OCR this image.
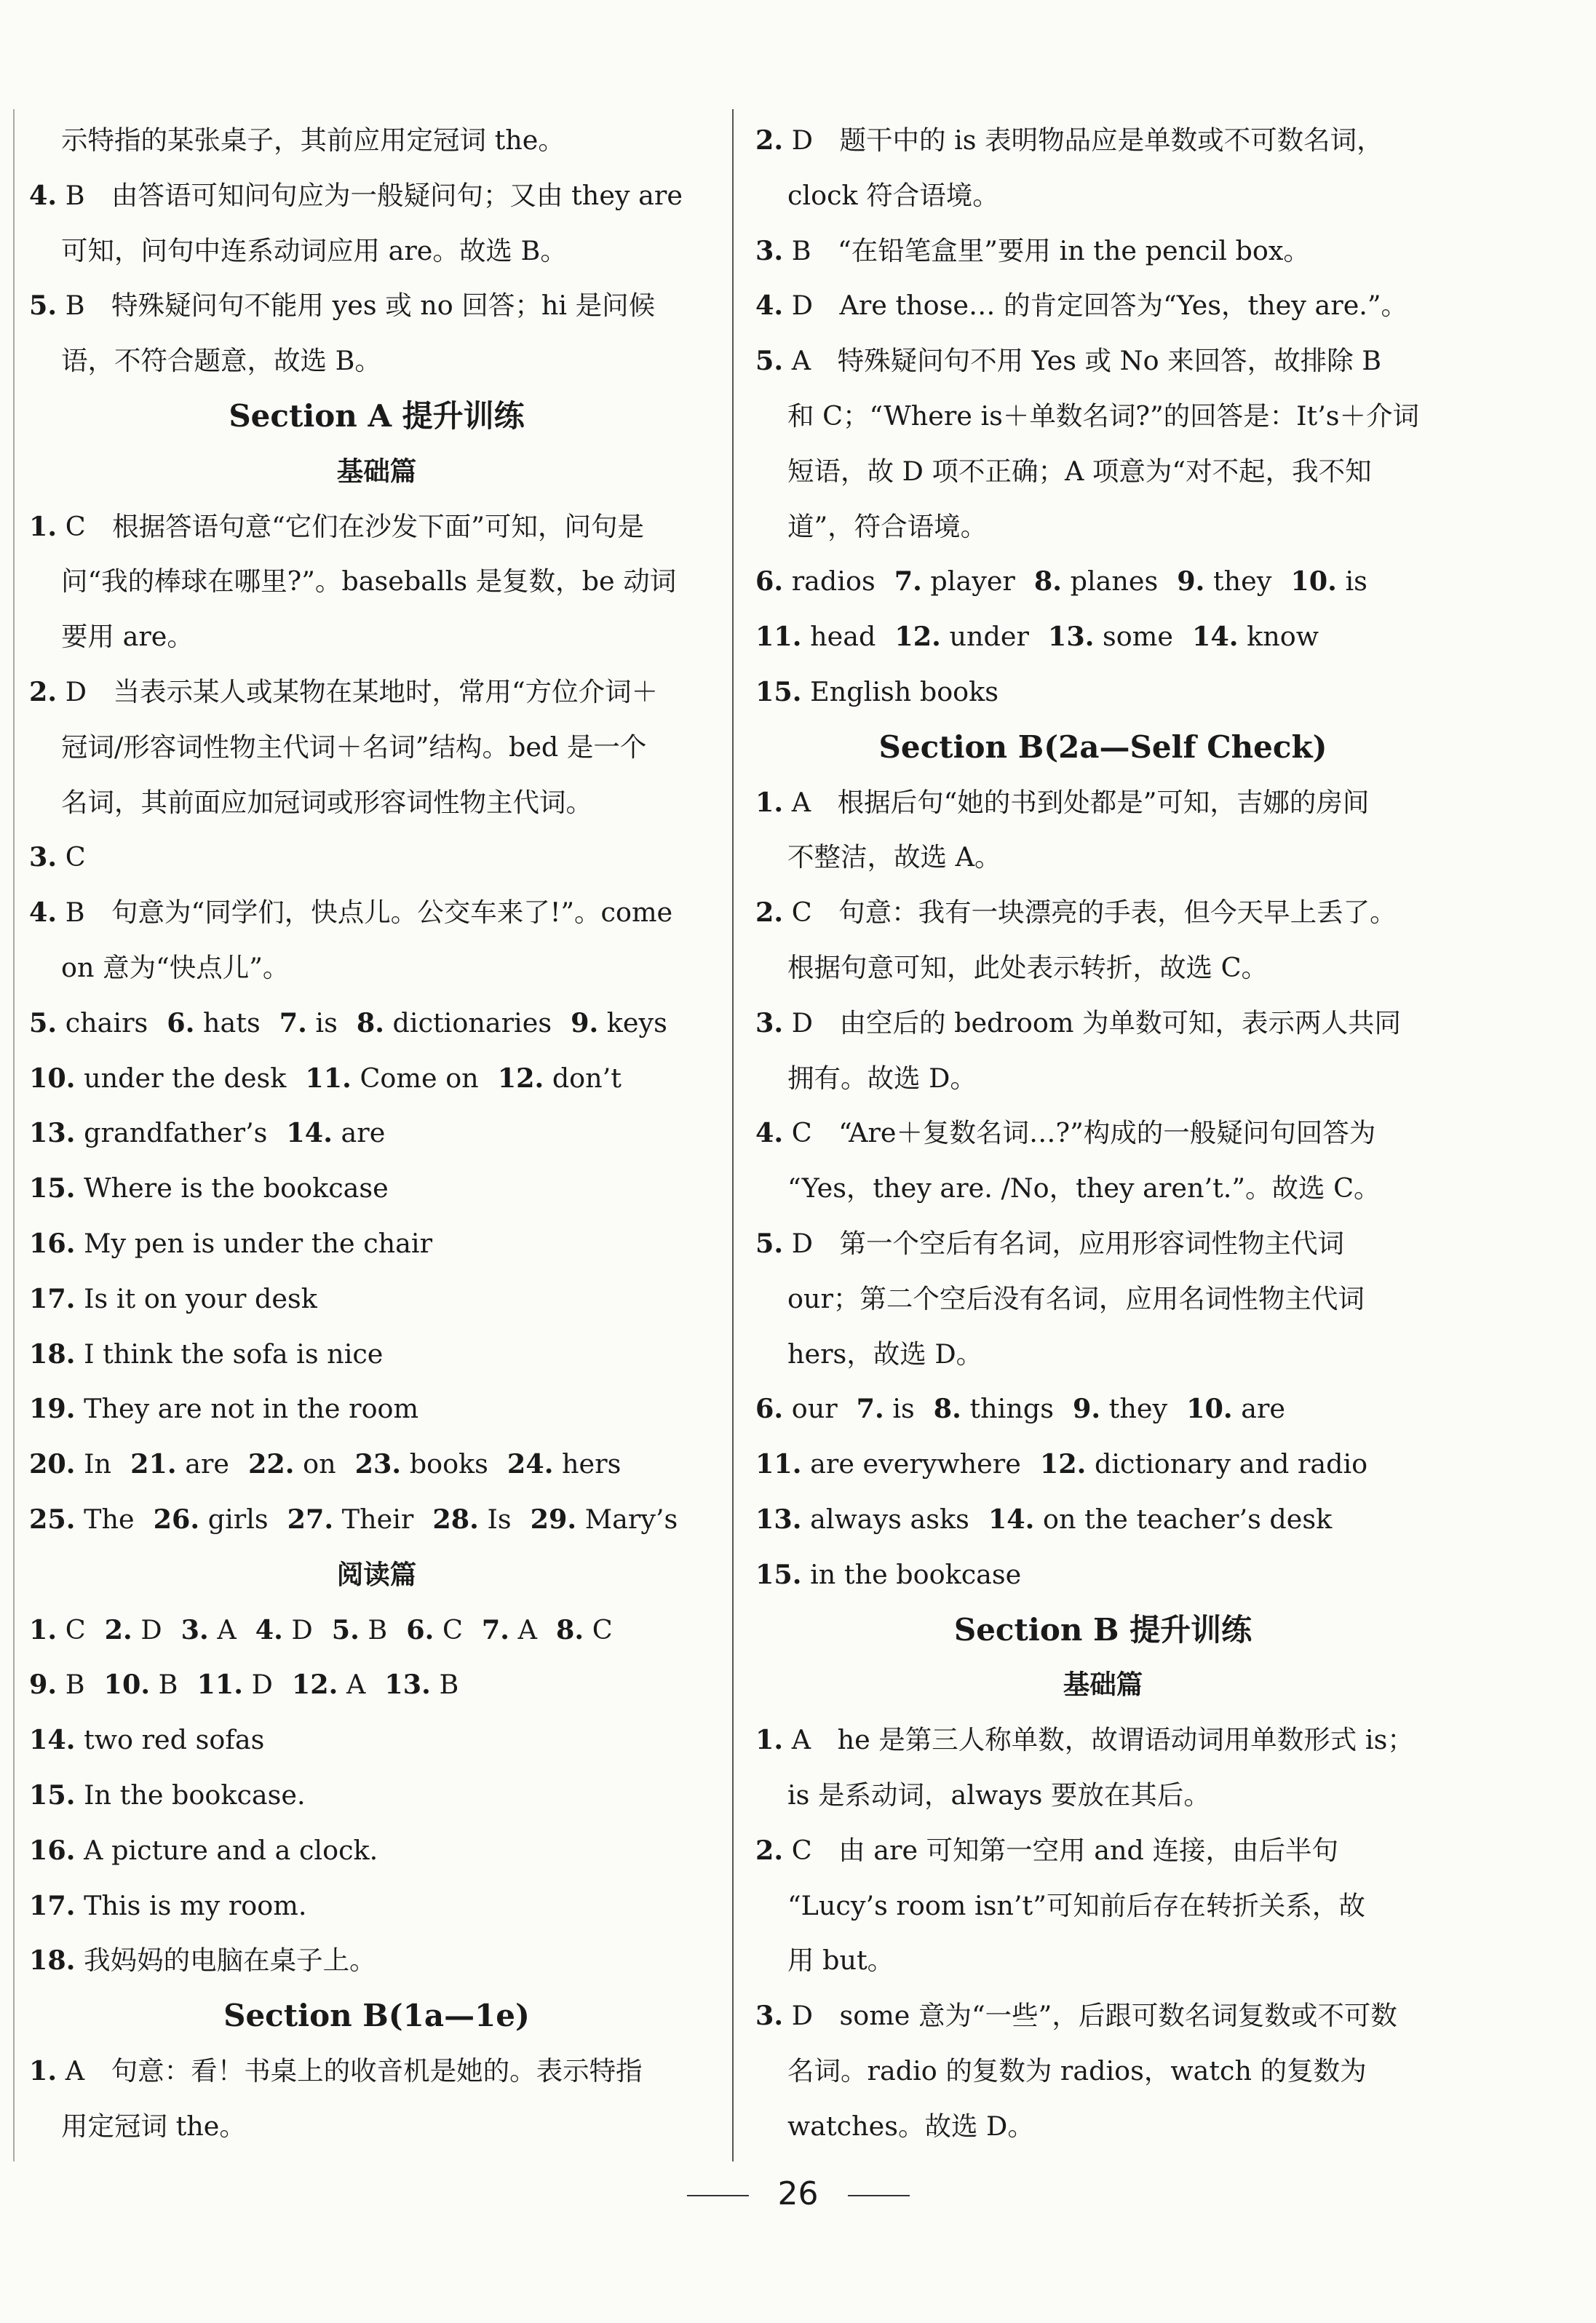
示特指的某张桌子，其前应用定冠词 the。
4. B　由答语可知问句应为一般疑问句；又由 they are
可知，问句中连系动词应用 are。故选 B。
5. B　特殊疑问句不能用 yes 或 no 回答；hi 是问候
语，不符合题意，故选 B。
Section A 提升训练
基础篇
1. C　根据答语句意“它们在沙发下面”可知，问句是
问“我的棒球在哪里?”。baseballs 是复数，be 动词
要用 are。
2. D　当表示某人或某物在某地时，常用“方位介词＋
冠词/形容词性物主代词＋名词”结构。bed 是一个
名词，其前面应加冠词或形容词性物主代词。
3. C
4. B　句意为“同学们，快点儿。公交车来了!”。come
on 意为“快点儿”。
5. chairs 6. hats 7. is 8. dictionaries 9. keys
10. under the desk 11. Come on 12. don’t
13. grandfather’s 14. are
15. Where is the bookcase
16. My pen is under the chair
17. Is it on your desk
18. I think the sofa is nice
19. They are not in the room
20. In 21. are 22. on 23. books 24. hers
25. The 26. girls 27. Their 28. Is 29. Mary’s
阅读篇
1. C 2. D 3. A 4. D 5. B 6. C 7. A 8. C
9. B 10. B 11. D 12. A 13. B
14. two red sofas
15. In the bookcase.
16. A picture and a clock.
17. This is my room.
18. 我妈妈的电脑在桌子上。
Section B(1a—1e)
1. A　句意：看！书桌上的收音机是她的。表示特指
用定冠词 the。
2. D　题干中的 is 表明物品应是单数或不可数名词，
clock 符合语境。
3. B　“在铅笔盒里”要用 in the pencil box。
4. D　Are those… 的肯定回答为“Yes，they are.”。
5. A　特殊疑问句不用 Yes 或 No 来回答，故排除 B
和 C；“Where is＋单数名词?”的回答是：It’s＋介词
短语，故 D 项不正确；A 项意为“对不起，我不知
道”，符合语境。
6. radios 7. player 8. planes 9. they 10. is
11. head 12. under 13. some 14. know
15. English books
Section B(2a—Self Check)
1. A　根据后句“她的书到处都是”可知，吉娜的房间
不整洁，故选 A。
2. C　句意：我有一块漂亮的手表，但今天早上丢了。
根据句意可知，此处表示转折，故选 C。
3. D　由空后的 bedroom 为单数可知，表示两人共同
拥有。故选 D。
4. C　“Are＋复数名词…?”构成的一般疑问句回答为
“Yes，they are. /No，they aren’t.”。故选 C。
5. D　第一个空后有名词，应用形容词性物主代词
our；第二个空后没有名词，应用名词性物主代词
hers，故选 D。
6. our 7. is 8. things 9. they 10. are
11. are everywhere 12. dictionary and radio
13. always asks 14. on the teacher’s desk
15. in the bookcase
Section B 提升训练
基础篇
1. A　he 是第三人称单数，故谓语动词用单数形式 is；
is 是系动词，always 要放在其后。
2. C　由 are 可知第一空用 and 连接，由后半句
“Lucy’s room isn’t”可知前后存在转折关系，故
用 but。
3. D　some 意为“一些”，后跟可数名词复数或不可数
名词。radio 的复数为 radios，watch 的复数为
watches。故选 D。
26
